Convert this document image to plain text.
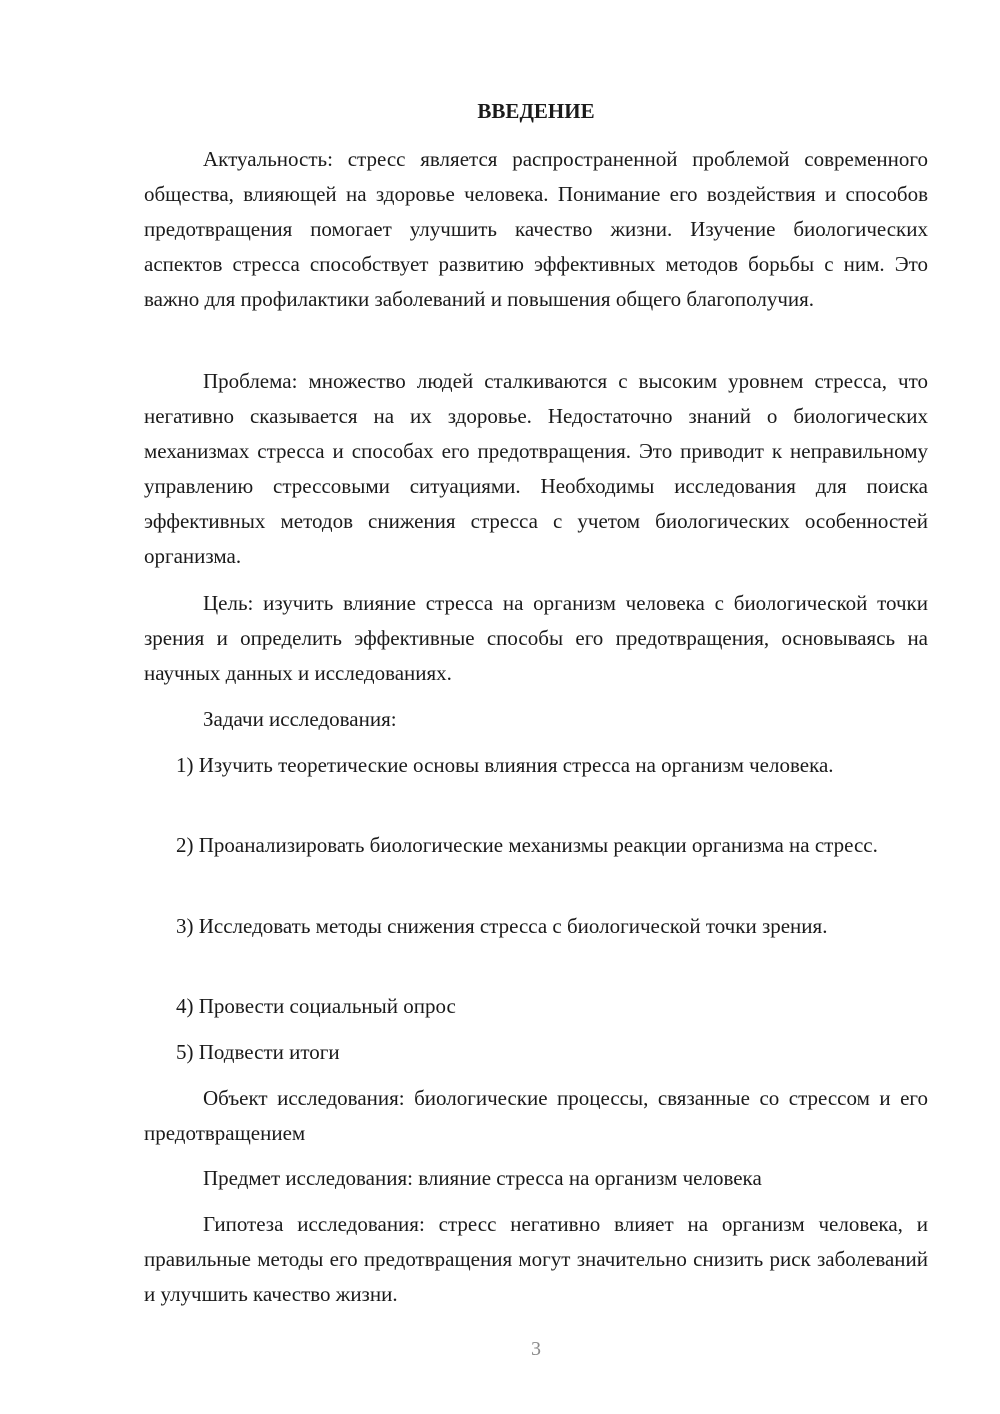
ВВЕДЕНИЕ

Актуальность: стресс является распространенной проблемой современного общества, влияющей на здоровье человека. Понимание его воздействия и способов предотвращения помогает улучшить качество жизни. Изучение биологических аспектов стресса способствует развитию эффективных методов борьбы с ним. Это важно для профилактики заболеваний и повышения общего благополучия.

Проблема: множество людей сталкиваются с высоким уровнем стресса, что негативно сказывается на их здоровье. Недостаточно знаний о биологических механизмах стресса и способах его предотвращения. Это приводит к неправильному управлению стрессовыми ситуациями. Необходимы исследования для поиска эффективных методов снижения стресса с учетом биологических особенностей организма.

Цель: изучить влияние стресса на организм человека с биологической точки зрения и определить эффективные способы его предотвращения, основываясь на научных данных и исследованиях.

Задачи исследования:

1) Изучить теоретические основы влияния стресса на организм человека.

2) Проанализировать биологические механизмы реакции организма на стресс.

3) Исследовать методы снижения стресса с биологической точки зрения.

4) Провести социальный опрос

5) Подвести итоги

Объект исследования: биологические процессы, связанные со стрессом и его предотвращением

Предмет исследования: влияние стресса на организм человека

Гипотеза исследования: стресс негативно влияет на организм человека, и правильные методы его предотвращения могут значительно снизить риск заболеваний и улучшить качество жизни.

3
